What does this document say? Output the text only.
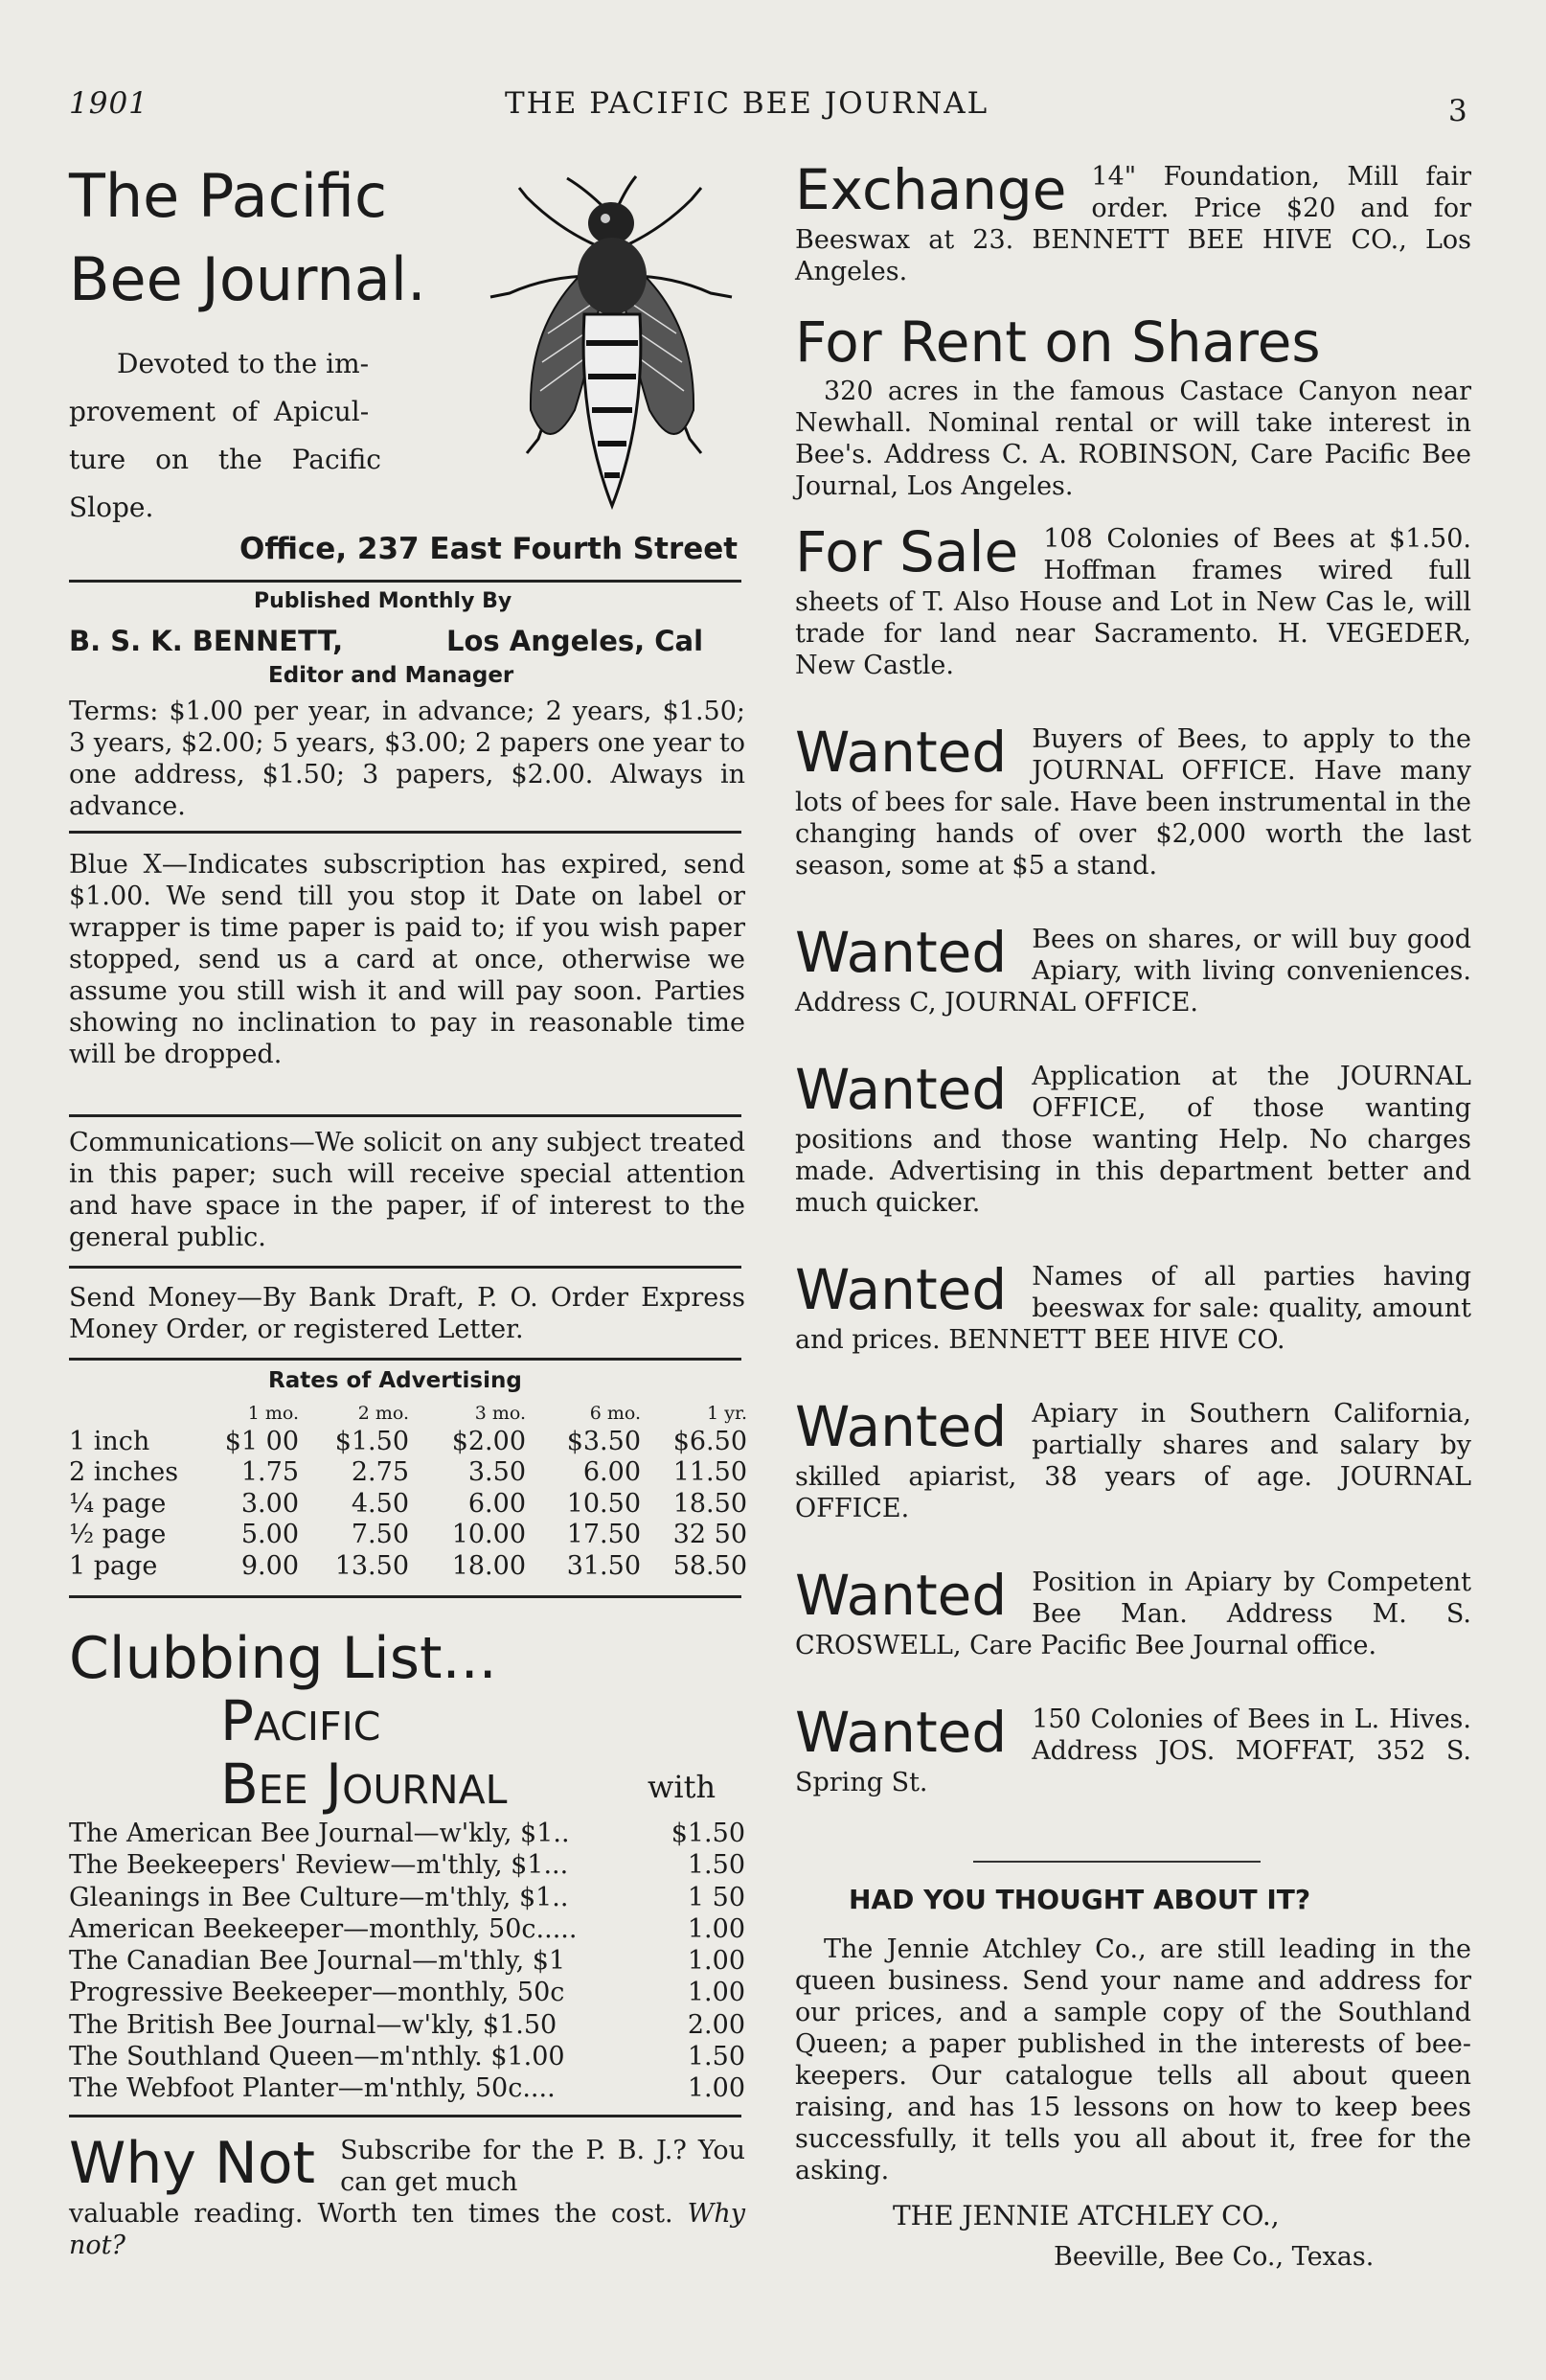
1901	THE PACIFIC BEE JOURNAL	3
The Pacific
Bee Journal.
Devoted to the im-
provement of Apicul-
ture on the Pacific
Slope.
Office, 237 East Fourth Street
Published Monthly By
B. S. K. BENNETT,	Los Angeles, Cal
Editor and Manager
Terms: $1.00 per year, in advance; 2 years, $1.50; 3 years, $2.00; 5 years, $3.00; 2 papers one year to one address, $1.50; 3 papers, $2.00. Always in advance.
Blue X—Indicates subscription has expired, send $1.00. We send till you stop it Date on label or wrapper is time paper is paid to; if you wish paper stopped, send us a card at once, otherwise we assume you still wish it and will pay soon. Parties showing no inclination to pay in reasonable time will be dropped.
Communications—We solicit on any subject treated in this paper; such will receive special attention and have space in the paper, if of interest to the general public.
Send Money—By Bank Draft, P. O. Order Express Money Order, or registered Letter.
Rates of Advertising
	1 mo.	2 mo.	3 mo.	6 mo.	1 yr.
1 inch	$1 00	$1.50	$2.00	$3.50	$6.50
2 inches	1.75	2.75	3.50	6.00	11.50
¼ page	3.00	4.50	6.00	10.50	18.50
½ page	5.00	7.50	10.00	17.50	32 50
1 page	9.00	13.50	18.00	31.50	58.50
Clubbing List...
Pacific
Bee Journal	with
The American Bee Journal—w'kly, $1..	$1.50
The Beekeepers' Review—m'thly, $1...	1.50
Gleanings in Bee Culture—m'thly, $1..	1 50
American Beekeeper—monthly, 50c.....	1.00
The Canadian Bee Journal—m'thly, $1	1.00
Progressive Beekeeper—monthly, 50c	1.00
The British Bee Journal—w'kly, $1.50	2.00
The Southland Queen—m'nthly. $1.00	1.50
The Webfoot Planter—m'nthly, 50c....	1.00
Why Not Subscribe for the P. B. J.? You can get much
valuable reading. Worth ten times the cost. Why not?
Exchange 14" Foundation, Mill fair order. Price $20 and for Beeswax at 23. BENNETT BEE HIVE CO., Los Angeles.
For Rent on Shares
320 acres in the famous Castace Canyon near Newhall. Nominal rental or will take interest in Bee's. Address C. A. ROBINSON, Care Pacific Bee Journal, Los Angeles.
For Sale 108 Colonies of Bees at $1.50. Hoffman frames wired full sheets of T. Also House and Lot in New Cas le, will trade for land near Sacramento. H. VEGEDER, New Castle.
Wanted Buyers of Bees, to apply to the JOURNAL OFFICE. Have many lots of bees for sale. Have been instrumental in the changing hands of over $2,000 worth the last season, some at $5 a stand.
Wanted Bees on shares, or will buy good Apiary, with living conveniences. Address C, JOURNAL OFFICE.
Wanted Application at the JOURNAL OFFICE, of those wanting positions and those wanting Help. No charges made. Advertising in this department better and much quicker.
Wanted Names of all parties having beeswax for sale: quality, amount and prices. BENNETT BEE HIVE CO.
Wanted Apiary in Southern California, partially shares and salary by skilled apiarist, 38 years of age. JOURNAL OFFICE.
Wanted Position in Apiary by Competent Bee Man. Address M. S. CROSWELL, Care Pacific Bee Journal office.
Wanted 150 Colonies of Bees in L. Hives. Address JOS. MOFFAT, 352 S. Spring St.
HAD YOU THOUGHT ABOUT IT?
The Jennie Atchley Co., are still leading in the queen business. Send your name and address for our prices, and a sample copy of the Southland Queen; a paper published in the interests of bee-keepers. Our catalogue tells all about queen raising, and has 15 lessons on how to keep bees successfully, it tells you all about it, free for the asking.
THE JENNIE ATCHLEY CO.,
Beeville, Bee Co., Texas.
